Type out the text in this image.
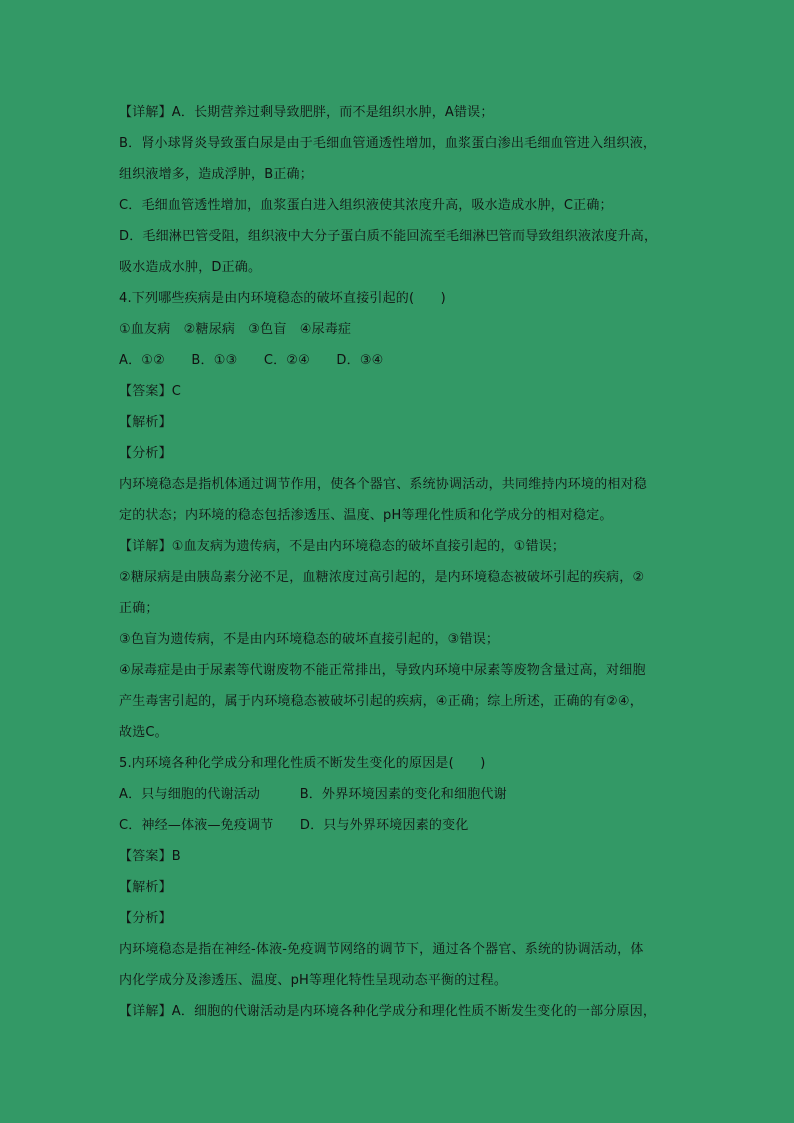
【详解】A．长期营养过剩导致肥胖，而不是组织水肿，A错误；
B．肾小球肾炎导致蛋白尿是由于毛细血管通透性增加，血浆蛋白渗出毛细血管进入组织液，
组织液增多，造成浮肿，B正确；
C．毛细血管透性增加，血浆蛋白进入组织液使其浓度升高，吸水造成水肿，C正确；
D．毛细淋巴管受阻，组织液中大分子蛋白质不能回流至毛细淋巴管而导致组织液浓度升高，
吸水造成水肿，D正确。
4.下列哪些疾病是由内环境稳态的破坏直接引起的(　　)
①血友病　②糖尿病　③色盲　④尿毒症
A．①②　　B．①③　　C．②④　　D．③④
【答案】C
【解析】
【分析】
内环境稳态是指机体通过调节作用，使各个器官、系统协调活动，共同维持内环境的相对稳
定的状态；内环境的稳态包括渗透压、温度、pH等理化性质和化学成分的相对稳定。
【详解】①血友病为遗传病，不是由内环境稳态的破坏直接引起的，①错误；
②糖尿病是由胰岛素分泌不足，血糖浓度过高引起的，是内环境稳态被破坏引起的疾病，②
正确；
③色盲为遗传病，不是由内环境稳态的破坏直接引起的，③错误；
④尿毒症是由于尿素等代谢废物不能正常排出，导致内环境中尿素等废物含量过高，对细胞
产生毒害引起的，属于内环境稳态被破坏引起的疾病，④正确；综上所述，正确的有②④，
故选C。
5.内环境各种化学成分和理化性质不断发生变化的原因是(　　)
A．只与细胞的代谢活动　　　B．外界环境因素的变化和细胞代谢
C．神经—体液—免疫调节　　D．只与外界环境因素的变化
【答案】B
【解析】
【分析】
内环境稳态是指在神经-体液-免疫调节网络的调节下，通过各个器官、系统的协调活动，体
内化学成分及渗透压、温度、pH等理化特性呈现动态平衡的过程。
【详解】A．细胞的代谢活动是内环境各种化学成分和理化性质不断发生变化的一部分原因，
